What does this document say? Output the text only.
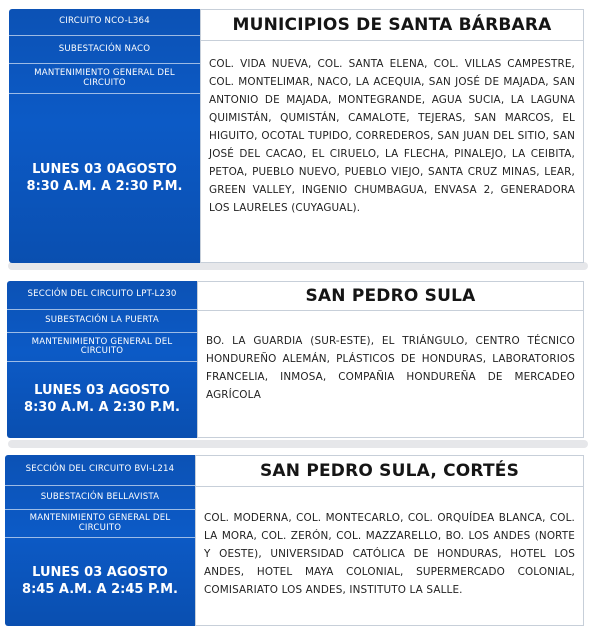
CIRCUITO NCO-L364
SUBESTACIÓN NACO
MANTENIMIENTO GENERAL DEL CIRCUITO
LUNES 03 0AGOSTO
8:30 A.M. A 2:30 P.M.
MUNICIPIOS DE SANTA BÁRBARA
COL. VIDA NUEVA, COL. SANTA ELENA, COL. VILLAS CAMPESTRE, COL. MONTELIMAR, NACO, LA ACEQUIA, SAN JOSÉ DE MAJADA, SAN ANTONIO DE MAJADA, MONTEGRANDE, AGUA SUCIA, LA LAGUNA QUIMISTÁN, QUMISTÁN, CAMALOTE, TEJERAS, SAN MARCOS, EL HIGUITO, OCOTAL TUPIDO, CORREDEROS, SAN JUAN DEL SITIO, SAN JOSÉ DEL CACAO, EL CIRUELO, LA FLECHA, PINALEJO, LA CEIBITA, PETOA, PUEBLO NUEVO, PUEBLO VIEJO, SANTA CRUZ MINAS, LEAR, GREEN VALLEY, INGENIO CHUMBAGUA, ENVASA 2, GENERADORA LOS LAURELES (CUYAGUAL).
SECCIÓN DEL CIRCUITO LPT-L230
SUBESTACIÓN LA PUERTA
MANTENIMIENTO GENERAL DEL CIRCUITO
LUNES 03 AGOSTO
8:30 A.M. A 2:30 P.M.
SAN PEDRO SULA
BO. LA GUARDIA (SUR-ESTE), EL TRIÁNGULO, CENTRO TÉCNICO HONDUREÑO ALEMÁN, PLÁSTICOS DE HONDURAS, LABORATORIOS FRANCELIA, INMOSA, COMPAÑIA HONDUREÑA DE MERCADEO AGRÍCOLA
SECCIÓN DEL CIRCUITO BVI-L214
SUBESTACIÓN BELLAVISTA
MANTENIMIENTO GENERAL DEL CIRCUITO
LUNES 03 AGOSTO
8:45 A.M. A 2:45 P.M.
SAN PEDRO SULA, CORTÉS
COL. MODERNA, COL. MONTECARLO, COL. ORQUÍDEA BLANCA, COL. LA MORA, COL. ZERÓN, COL. MAZZARELLO, BO. LOS ANDES (NORTE Y OESTE), UNIVERSIDAD CATÓLICA DE HONDURAS, HOTEL LOS ANDES, HOTEL MAYA COLONIAL, SUPERMERCADO COLONIAL, COMISARIATO LOS ANDES, INSTITUTO LA SALLE.
